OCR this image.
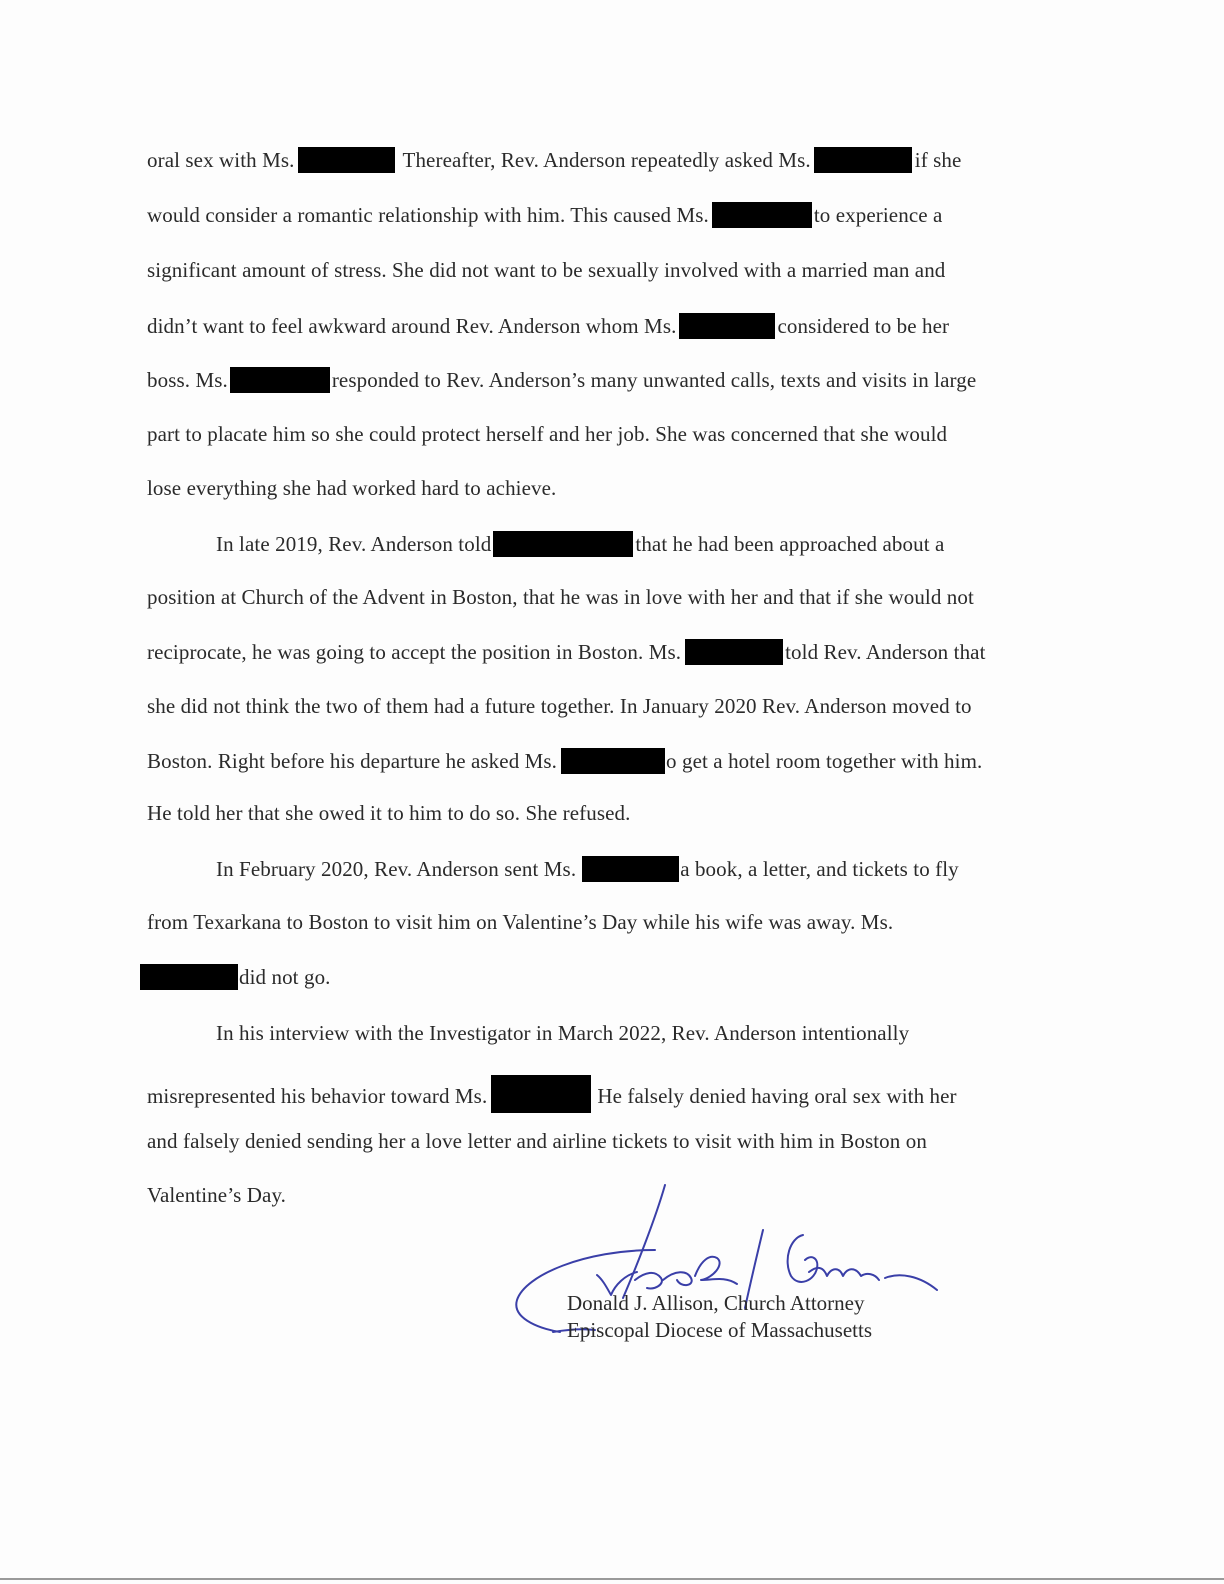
oral sex with Ms.	Thereafter, Rev. Anderson repeatedly asked Ms.	if she
would consider a romantic relationship with him. This caused Ms.	to experience a
significant amount of stress. She did not want to be sexually involved with a married man and
didn’t want to feel awkward around Rev. Anderson whom Ms.	considered to be her
boss. Ms.	responded to Rev. Anderson’s many unwanted calls, texts and visits in large
part to placate him so she could protect herself and her job. She was concerned that she would
lose everything she had worked hard to achieve.
In late 2019, Rev. Anderson told	that he had been approached about a
position at Church of the Advent in Boston, that he was in love with her and that if she would not
reciprocate, he was going to accept the position in Boston. Ms.	told Rev. Anderson that
she did not think the two of them had a future together. In January 2020 Rev. Anderson moved to
Boston. Right before his departure he asked Ms.	o get a hotel room together with him.
He told her that she owed it to him to do so. She refused.
In February 2020, Rev. Anderson sent Ms.	a book, a letter, and tickets to fly
from Texarkana to Boston to visit him on Valentine’s Day while his wife was away. Ms.
did not go.
In his interview with the Investigator in March 2022, Rev. Anderson intentionally
misrepresented his behavior toward Ms.	He falsely denied having oral sex with her
and falsely denied sending her a love letter and airline tickets to visit with him in Boston on
Valentine’s Day.
Donald J. Allison, Church Attorney
Episcopal Diocese of Massachusetts
